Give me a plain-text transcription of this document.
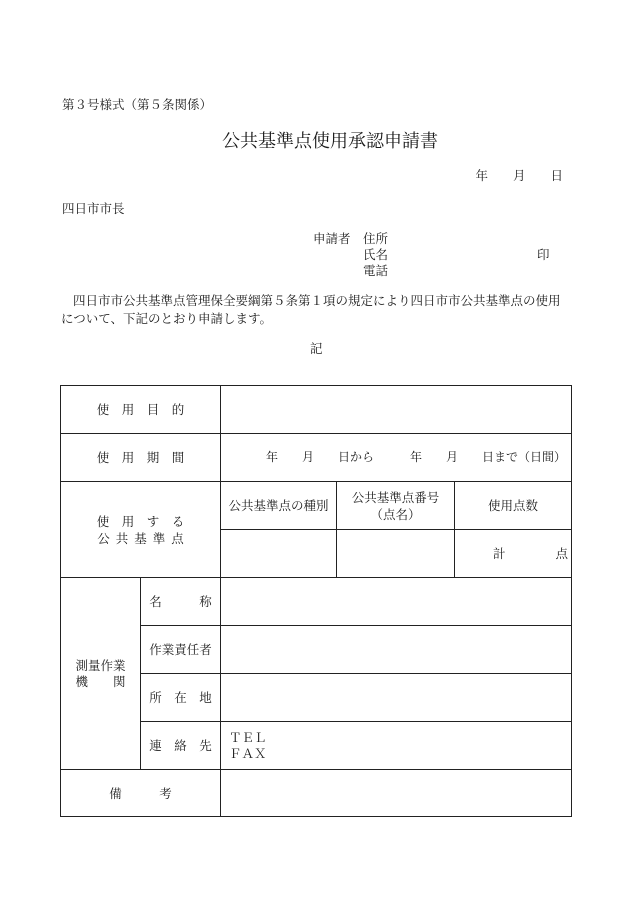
第３号様式（第５条関係）
公共基準点使用承認申請書
年　　月　　日
四日市市長
申請者 住所
氏名	印
電話
四日市市公共基準点管理保全要綱第５条第１項の規定により四日市市公共基準点の使用
について、下記のとおり申請します。
記
使　用　目　的
使　用　期　間	年　　月　　日から　　　年　　月　　日まで（日間）
使　用　す　る
公 共 基 準 点
公共基準点の種別
公共基準点番号
（点名）
使用点数
計　　　　点
測量作業
機　　関
名　　　称
作業責任者
所　在　地
連　絡　先
ＴＥＬ
ＦＡＸ
備　　　考
